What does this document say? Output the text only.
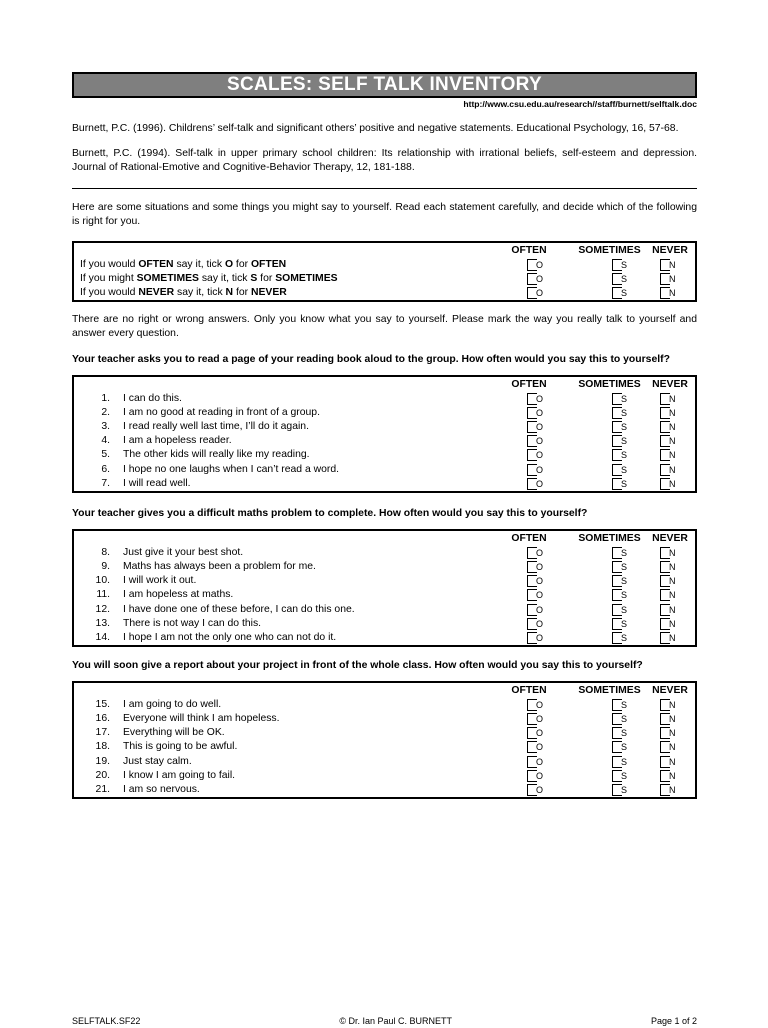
SCALES: SELF TALK INVENTORY
http://www.csu.edu.au/research//staff/burnett/selftalk.doc
Burnett, P.C. (1996). Childrens’ self-talk and significant others’ positive and negative statements. Educational Psychology, 16, 57-68.
Burnett, P.C. (1994). Self-talk in upper primary school children: Its relationship with irrational beliefs, self-esteem and depression. Journal of Rational-Emotive and Cognitive-Behavior Therapy, 12, 181-188.
Here are some situations and some things you might say to yourself. Read each statement carefully, and decide which of the following is right for you.
OFTEN	SOMETIMES	NEVER
If you would OFTEN say it, tick O for OFTEN	O	S	N
If you might SOMETIMES say it, tick S for SOMETIMES	O	S	N
If you would NEVER say it, tick N for NEVER	O	S	N
There are no right or wrong answers. Only you know what you say to yourself. Please mark the way you really talk to yourself and answer every question.
Your teacher asks you to read a page of your reading book aloud to the group. How often would you say this to yourself?
OFTEN	SOMETIMES	NEVER
1. I can do this.	O	S	N
2. I am no good at reading in front of a group.	O	S	N
3. I read really well last time, I’ll do it again.	O	S	N
4. I am a hopeless reader.	O	S	N
5. The other kids will really like my reading.	O	S	N
6. I hope no one laughs when I can’t read a word.	O	S	N
7. I will read well.	O	S	N
Your teacher gives you a difficult maths problem to complete. How often would you say this to yourself?
OFTEN	SOMETIMES	NEVER
8. Just give it your best shot.	O	S	N
9. Maths has always been a problem for me.	O	S	N
10. I will work it out.	O	S	N
11. I am hopeless at maths.	O	S	N
12. I have done one of these before, I can do this one.	O	S	N
13. There is not way I can do this.	O	S	N
14. I hope I am not the only one who can not do it.	O	S	N
You will soon give a report about your project in front of the whole class. How often would you say this to yourself?
OFTEN	SOMETIMES	NEVER
15. I am going to do well.	O	S	N
16. Everyone will think I am hopeless.	O	S	N
17. Everything will be OK.	O	S	N
18. This is going to be awful.	O	S	N
19. Just stay calm.	O	S	N
20. I know I am going to fail.	O	S	N
21. I am so nervous.	O	S	N
SELFTALK.SF22	© Dr. Ian Paul C. BURNETT	Page 1 of 2
